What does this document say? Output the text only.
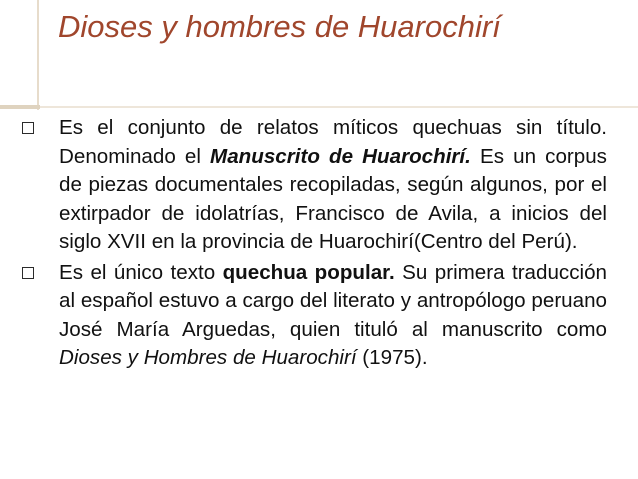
Dioses y hombres de Huarochirí

Es el conjunto de relatos míticos quechuas sin título. Denominado el Manuscrito de Huarochirí. Es un corpus de piezas documentales recopiladas, según algunos, por el extirpador de idolatrías, Francisco de Avila, a inicios del siglo XVII en la provincia de Huarochirí(Centro del Perú).

Es el único texto quechua popular. Su primera traducción al español estuvo a cargo del literato y antropólogo peruano José María Arguedas, quien tituló al manuscrito como Dioses y Hombres de Huarochirí (1975).
